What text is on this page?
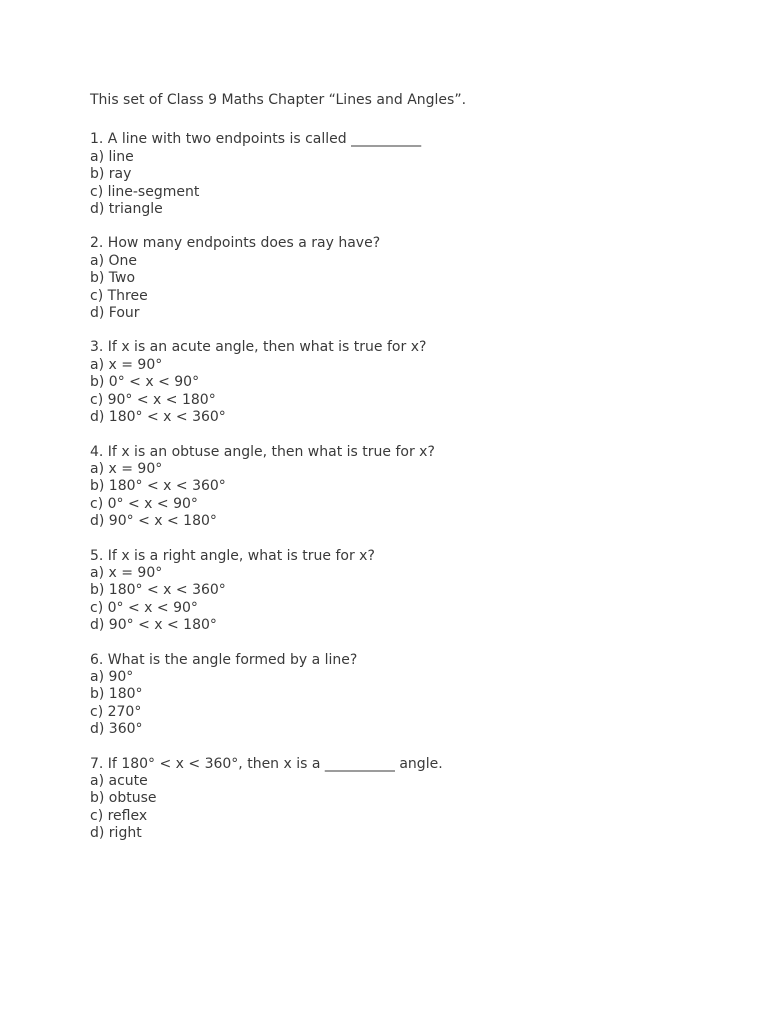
This set of Class 9 Maths Chapter “Lines and Angles”.
1. A line with two endpoints is called __________
a) line
b) ray
c) line-segment
d) triangle
2. How many endpoints does a ray have?
a) One
b) Two
c) Three
d) Four
3. If x is an acute angle, then what is true for x?
a) x = 90°
b) 0° < x < 90°
c) 90° < x < 180°
d) 180° < x < 360°
4. If x is an obtuse angle, then what is true for x?
a) x = 90°
b) 180° < x < 360°
c) 0° < x < 90°
d) 90° < x < 180°
5. If x is a right angle, what is true for x?
a) x = 90°
b) 180° < x < 360°
c) 0° < x < 90°
d) 90° < x < 180°
6. What is the angle formed by a line?
a) 90°
b) 180°
c) 270°
d) 360°
7. If 180° < x < 360°, then x is a __________ angle.
a) acute
b) obtuse
c) reflex
d) right
